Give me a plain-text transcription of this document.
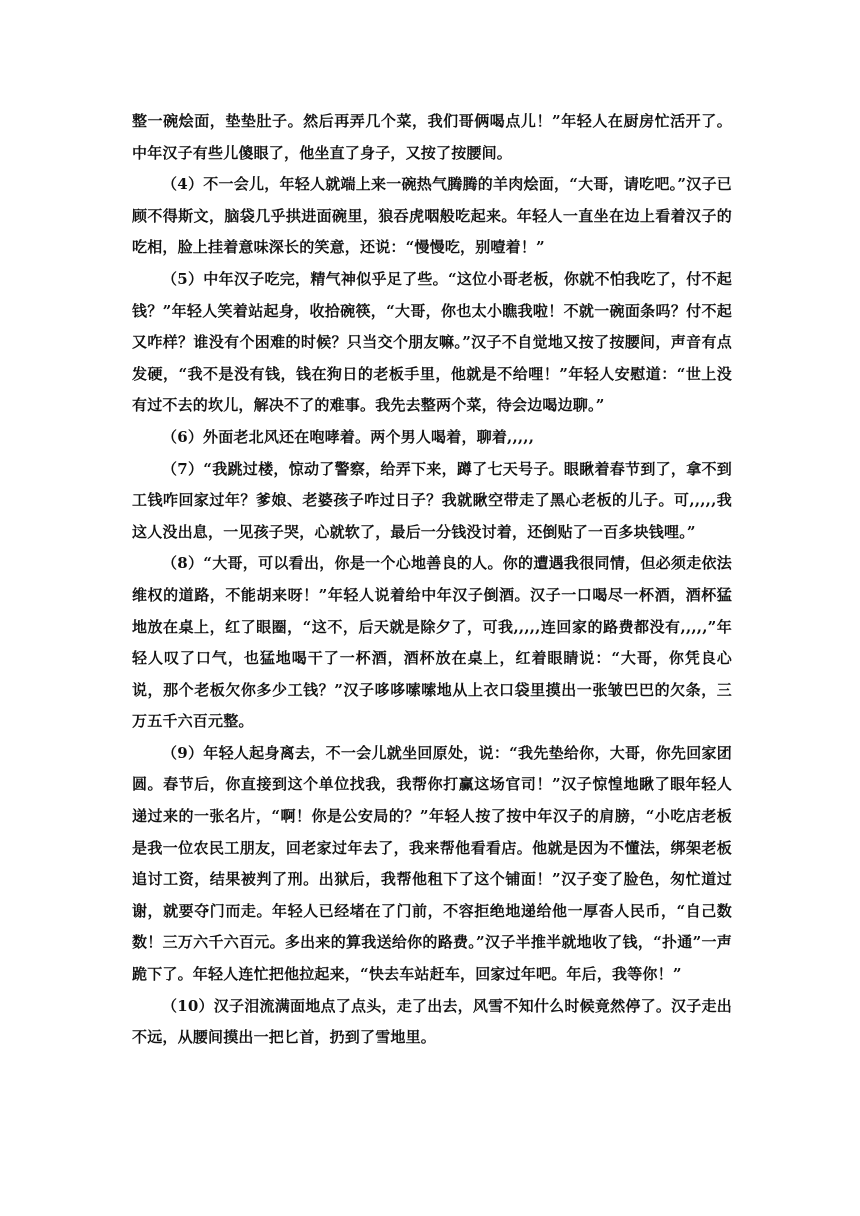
整一碗烩面，垫垫肚子。然后再弄几个菜，我们哥俩喝点儿！”年轻人在厨房忙活开了。中年汉子有些儿傻眼了，他坐直了身子，又按了按腰间。

（4）不一会儿，年轻人就端上来一碗热气腾腾的羊肉烩面，“大哥，请吃吧。”汉子已顾不得斯文，脑袋几乎拱进面碗里，狼吞虎咽般吃起来。年轻人一直坐在边上看着汉子的吃相，脸上挂着意味深长的笑意，还说：“慢慢吃，别噎着！”

（5）中年汉子吃完，精气神似乎足了些。“这位小哥老板，你就不怕我吃了，付不起钱？”年轻人笑着站起身，收拾碗筷，“大哥，你也太小瞧我啦！不就一碗面条吗？付不起又咋样？谁没有个困难的时候？只当交个朋友嘛。”汉子不自觉地又按了按腰间，声音有点发硬，“我不是没有钱，钱在狗日的老板手里，他就是不给哩！”年轻人安慰道：“世上没有过不去的坎儿，解决不了的难事。我先去整两个菜，待会边喝边聊。”

（6）外面老北风还在咆哮着。两个男人喝着，聊着,,,,,

（7）“我跳过楼，惊动了警察，给弄下来，蹲了七天号子。眼瞅着春节到了，拿不到工钱咋回家过年？爹娘、老婆孩子咋过日子？我就瞅空带走了黑心老板的儿子。可,,,,,我这人没出息，一见孩子哭，心就软了，最后一分钱没讨着，还倒贴了一百多块钱哩。”

（8）“大哥，可以看出，你是一个心地善良的人。你的遭遇我很同情，但必须走依法维权的道路，不能胡来呀！”年轻人说着给中年汉子倒酒。汉子一口喝尽一杯酒，酒杯猛地放在桌上，红了眼圈，“这不，后天就是除夕了，可我,,,,,连回家的路费都没有,,,,,”年轻人叹了口气，也猛地喝干了一杯酒，酒杯放在桌上，红着眼睛说：“大哥，你凭良心说，那个老板欠你多少工钱？”汉子哆哆嗦嗦地从上衣口袋里摸出一张皱巴巴的欠条，三万五千六百元整。

（9）年轻人起身离去，不一会儿就坐回原处，说：“我先垫给你，大哥，你先回家团圆。春节后，你直接到这个单位找我，我帮你打赢这场官司！”汉子惊惶地瞅了眼年轻人递过来的一张名片，“啊！你是公安局的？”年轻人按了按中年汉子的肩膀，“小吃店老板是我一位农民工朋友，回老家过年去了，我来帮他看看店。他就是因为不懂法，绑架老板追讨工资，结果被判了刑。出狱后，我帮他租下了这个铺面！”汉子变了脸色，匆忙道过谢，就要夺门而走。年轻人已经堵在了门前，不容拒绝地递给他一厚沓人民币，“自己数数！三万六千六百元。多出来的算我送给你的路费。”汉子半推半就地收了钱，“扑通”一声跪下了。年轻人连忙把他拉起来，“快去车站赶车，回家过年吧。年后，我等你！”

（10）汉子泪流满面地点了点头，走了出去，风雪不知什么时候竟然停了。汉子走出不远，从腰间摸出一把匕首，扔到了雪地里。
